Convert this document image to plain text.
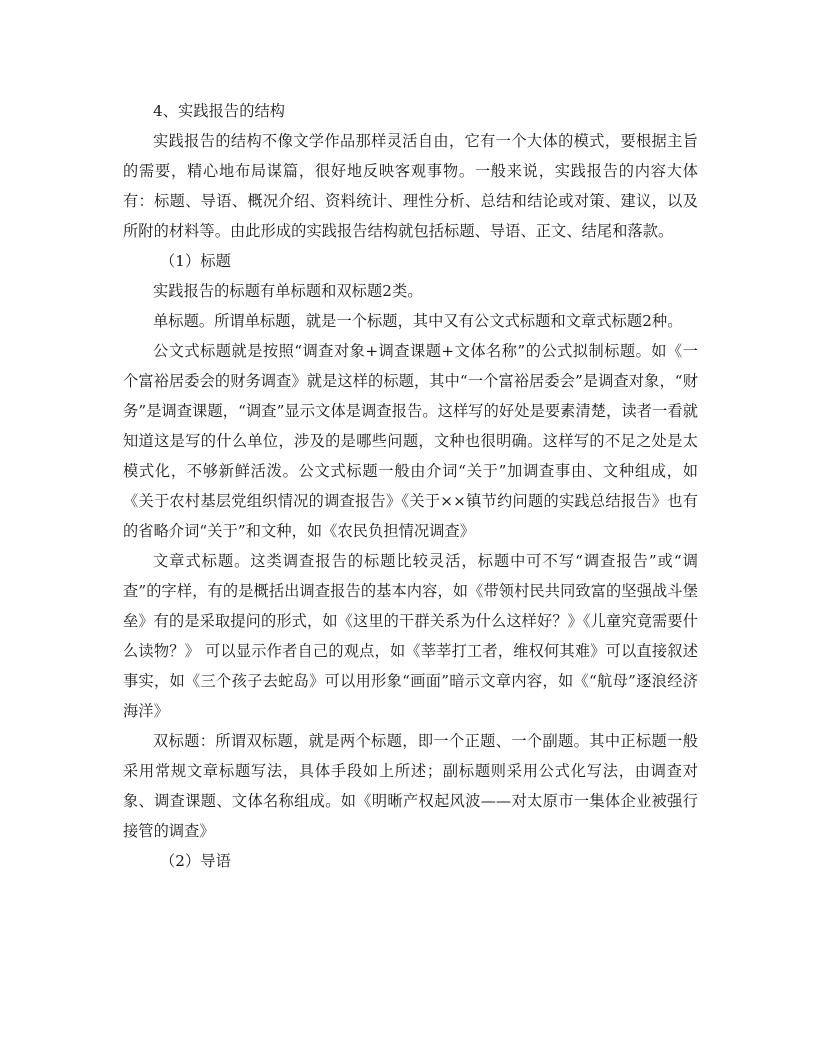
4、实践报告的结构

实践报告的结构不像文学作品那样灵活自由，它有一个大体的模式，要根据主旨的需要，精心地布局谋篇，很好地反映客观事物。一般来说，实践报告的内容大体有：标题、导语、概况介绍、资料统计、理性分析、总结和结论或对策、建议，以及所附的材料等。由此形成的实践报告结构就包括标题、导语、正文、结尾和落款。

（1）标题

实践报告的标题有单标题和双标题2类。

单标题。所谓单标题，就是一个标题，其中又有公文式标题和文章式标题2种。

公文式标题就是按照“调查对象+调查课题+文体名称”的公式拟制标题。如《一个富裕居委会的财务调查》就是这样的标题，其中“一个富裕居委会”是调查对象，“财务”是调查课题，“调查”显示文体是调查报告。这样写的好处是要素清楚，读者一看就知道这是写的什么单位，涉及的是哪些问题，文种也很明确。这样写的不足之处是太模式化，不够新鲜活泼。公文式标题一般由介词“关于”加调查事由、文种组成，如《关于农村基层党组织情况的调查报告》《关于××镇节约问题的实践总结报告》也有的省略介词“关于”和文种，如《农民负担情况调查》

文章式标题。这类调查报告的标题比较灵活，标题中可不写“调查报告”或“调查”的字样，有的是概括出调查报告的基本内容，如《带领村民共同致富的坚强战斗堡垒》有的是采取提问的形式，如《这里的干群关系为什么这样好？》《儿童究竟需要什么读物？》 可以显示作者自己的观点，如《莘莘打工者，维权何其难》可以直接叙述事实，如《三个孩子去蛇岛》可以用形象“画面”暗示文章内容，如《“航母”逐浪经济海洋》

双标题：所谓双标题，就是两个标题，即一个正题、一个副题。其中正标题一般采用常规文章标题写法，具体手段如上所述；副标题则采用公式化写法，由调查对象、调查课题、文体名称组成。如《明晰产权起风波——对太原市一集体企业被强行接管的调查》

（2）导语
